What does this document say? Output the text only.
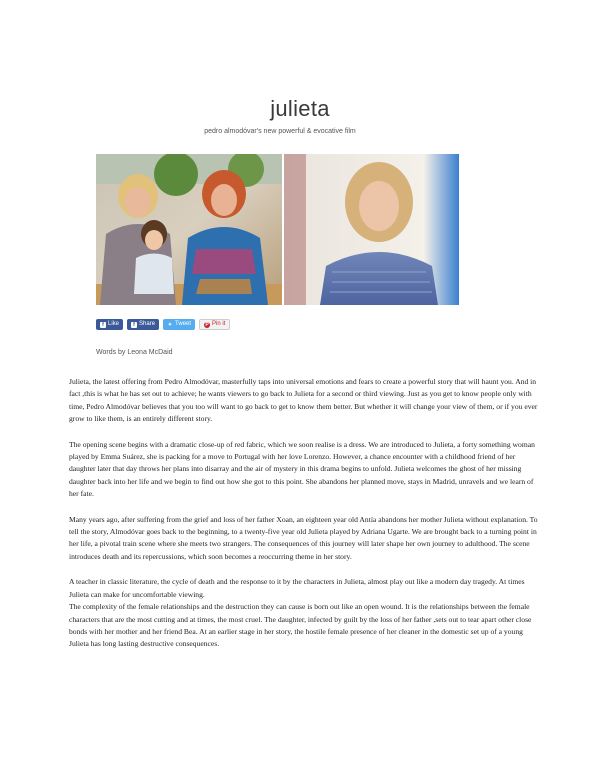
julieta
pedro almodóvar's new powerful & evocative film
f Like	f Share	✦ Tweet	P Pin it
Words by Leona McDaid

Julieta, the latest offering from Pedro Almodóvar, masterfully taps into universal emotions and fears to create a powerful story that will haunt you. And in fact ,this is what he has set out to achieve; he wants viewers to go back to Julieta for a second or third viewing. Just as you get to know people only with time, Pedro Almodóvar believes that you too will want to go back to get to know them better. But whether it will change your view of them, or if you ever grow to like them, is an entirely different story.

The opening scene begins with a dramatic close-up of red fabric, which we soon realise is a dress. We are introduced to Julieta, a forty something woman played by Emma Suárez, she is packing for a move to Portugal with her love Lorenzo. However, a chance encounter with a childhood friend of her daughter later that day throws her plans into disarray and the air of mystery in this drama begins to unfold. Julieta welcomes the ghost of her missing daughter back into her life and we begin to find out how she got to this point. She abandons her planned move, stays in Madrid, unravels and we learn of her fate.

Many years ago, after suffering from the grief and loss of her father Xoan, an eighteen year old Antía abandons her mother Julieta without explanation. To tell the story, Almodóvar goes back to the beginning, to a twenty-five year old Julieta played by Adriana Ugarte. We are brought back to a turning point in her life, a pivotal train scene where she meets two strangers. The consequences of this journey will later shape her own journey to adulthood. The scene introduces death and its repercussions, which soon becomes a reoccurring theme in her story.

A teacher in classic literature, the cycle of death and the response to it by the characters in Julieta, almost play out like a modern day tragedy. At times Julieta can make for uncomfortable viewing.

The complexity of the female relationships and the destruction they can cause is born out like an open wound. It is the relationships between the female characters that are the most cutting and at times, the most cruel. The daughter, infected by guilt by the loss of her father ,sets out to tear apart other close bonds with her mother and her friend Bea. At an earlier stage in her story, the hostile female presence of her cleaner in the domestic set up of a young Julieta has long lasting destructive consequences.
